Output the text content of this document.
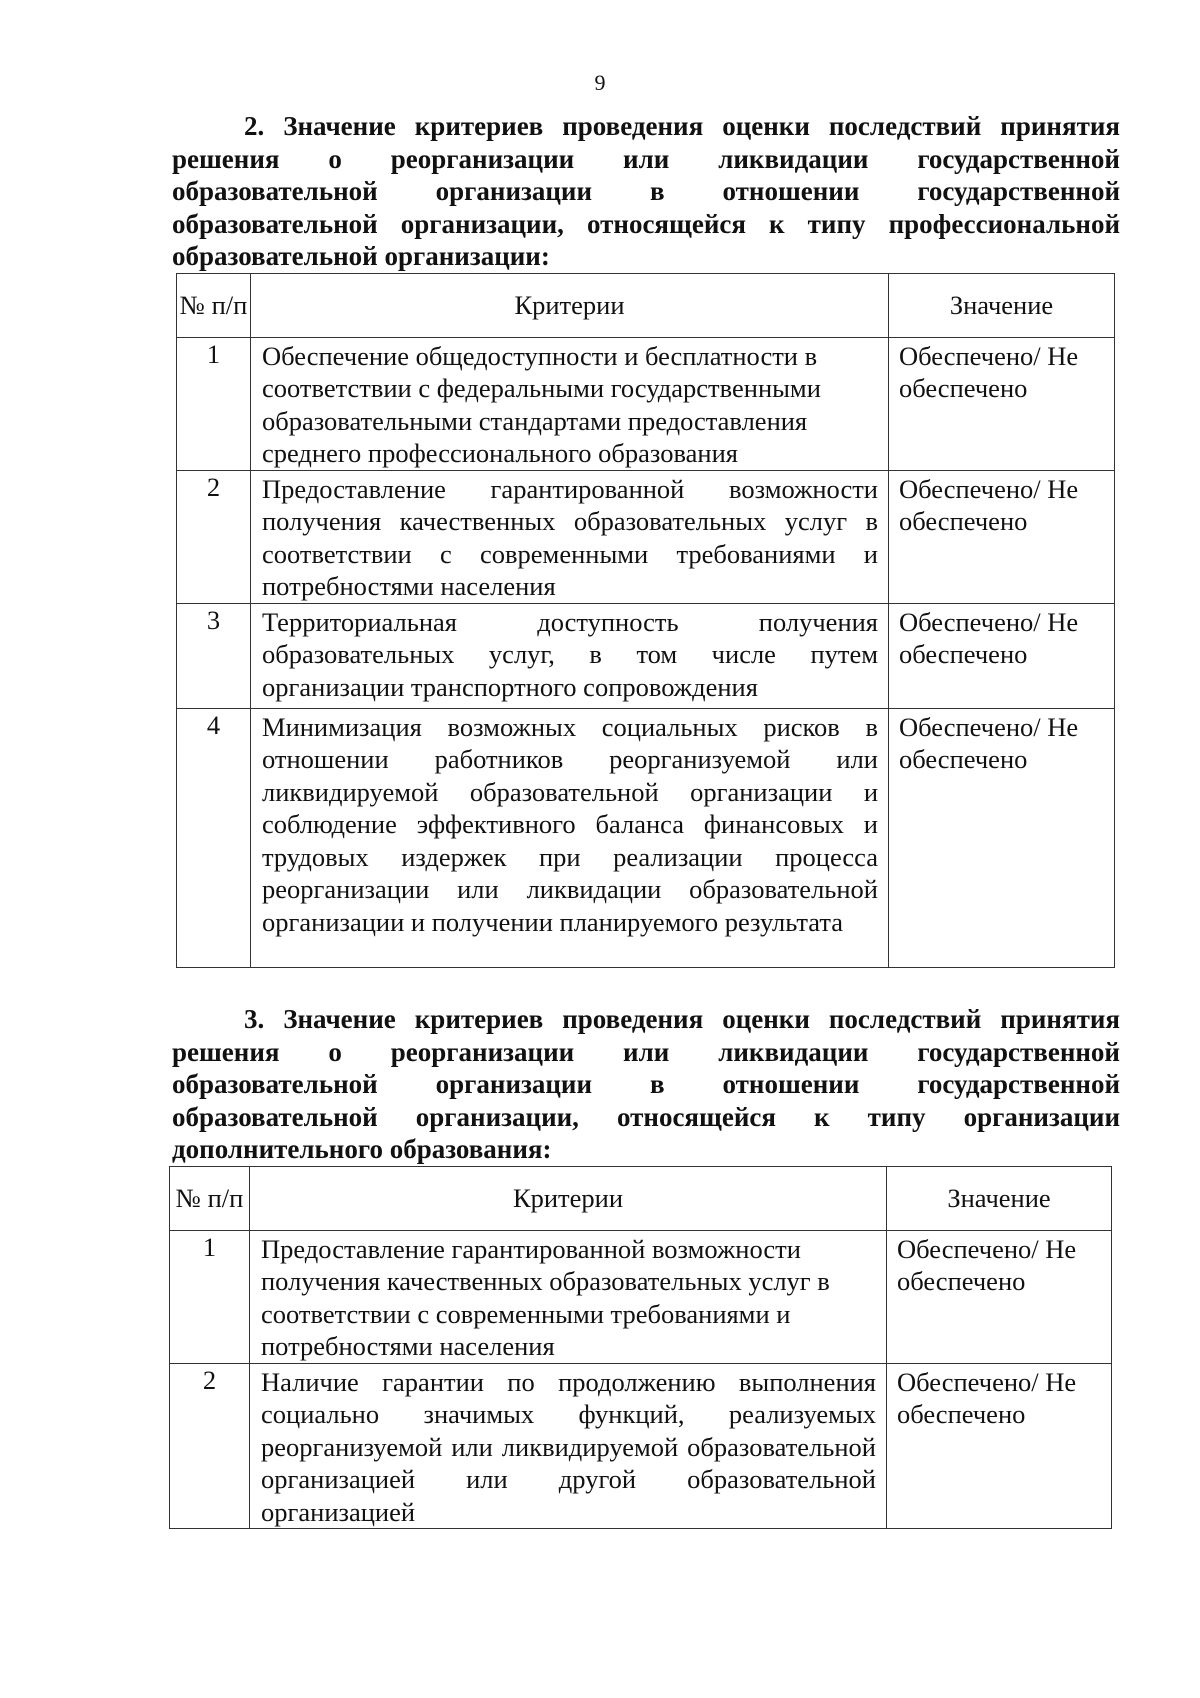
9

2. Значение критериев проведения оценки последствий принятия решения о реорганизации или ликвидации государственной образовательной организации в отношении государственной образовательной организации, относящейся к типу профессиональной образовательной организации:

№ п/п	Критерии	Значение
1	Обеспечение общедоступности и бесплатности в соответствии с федеральными государственными образовательными стандартами предоставления среднего профессионального образования	Обеспечено/ Не обеспечено

2	Предоставление гарантированной возможности получения качественных образовательных услуг в соответствии с современными требованиями и потребностями населения	Обеспечено/ Не обеспечено

3	Территориальная доступность получения образовательных услуг, в том числе путем организации транспортного сопровождения	Обеспечено/ Не обеспечено

4	Минимизация возможных социальных рисков в отношении работников реорганизуемой или ликвидируемой образовательной организации и соблюдение эффективного баланса финансовых и трудовых издержек при реализации процесса реорганизации или ликвидации образовательной организации и получении планируемого результата	Обеспечено/ Не обеспечено

3. Значение критериев проведения оценки последствий принятия решения о реорганизации или ликвидации государственной образовательной организации в отношении государственной образовательной организации, относящейся к типу организации дополнительного образования:

№ п/п	Критерии	Значение
1	Предоставление гарантированной возможности получения качественных образовательных услуг в соответствии с современными требованиями и потребностями населения	Обеспечено/ Не обеспечено

2	Наличие гарантии по продолжению выполнения социально значимых функций, реализуемых реорганизуемой или ликвидируемой образовательной организацией или другой образовательной организацией	Обеспечено/ Не обеспечено
